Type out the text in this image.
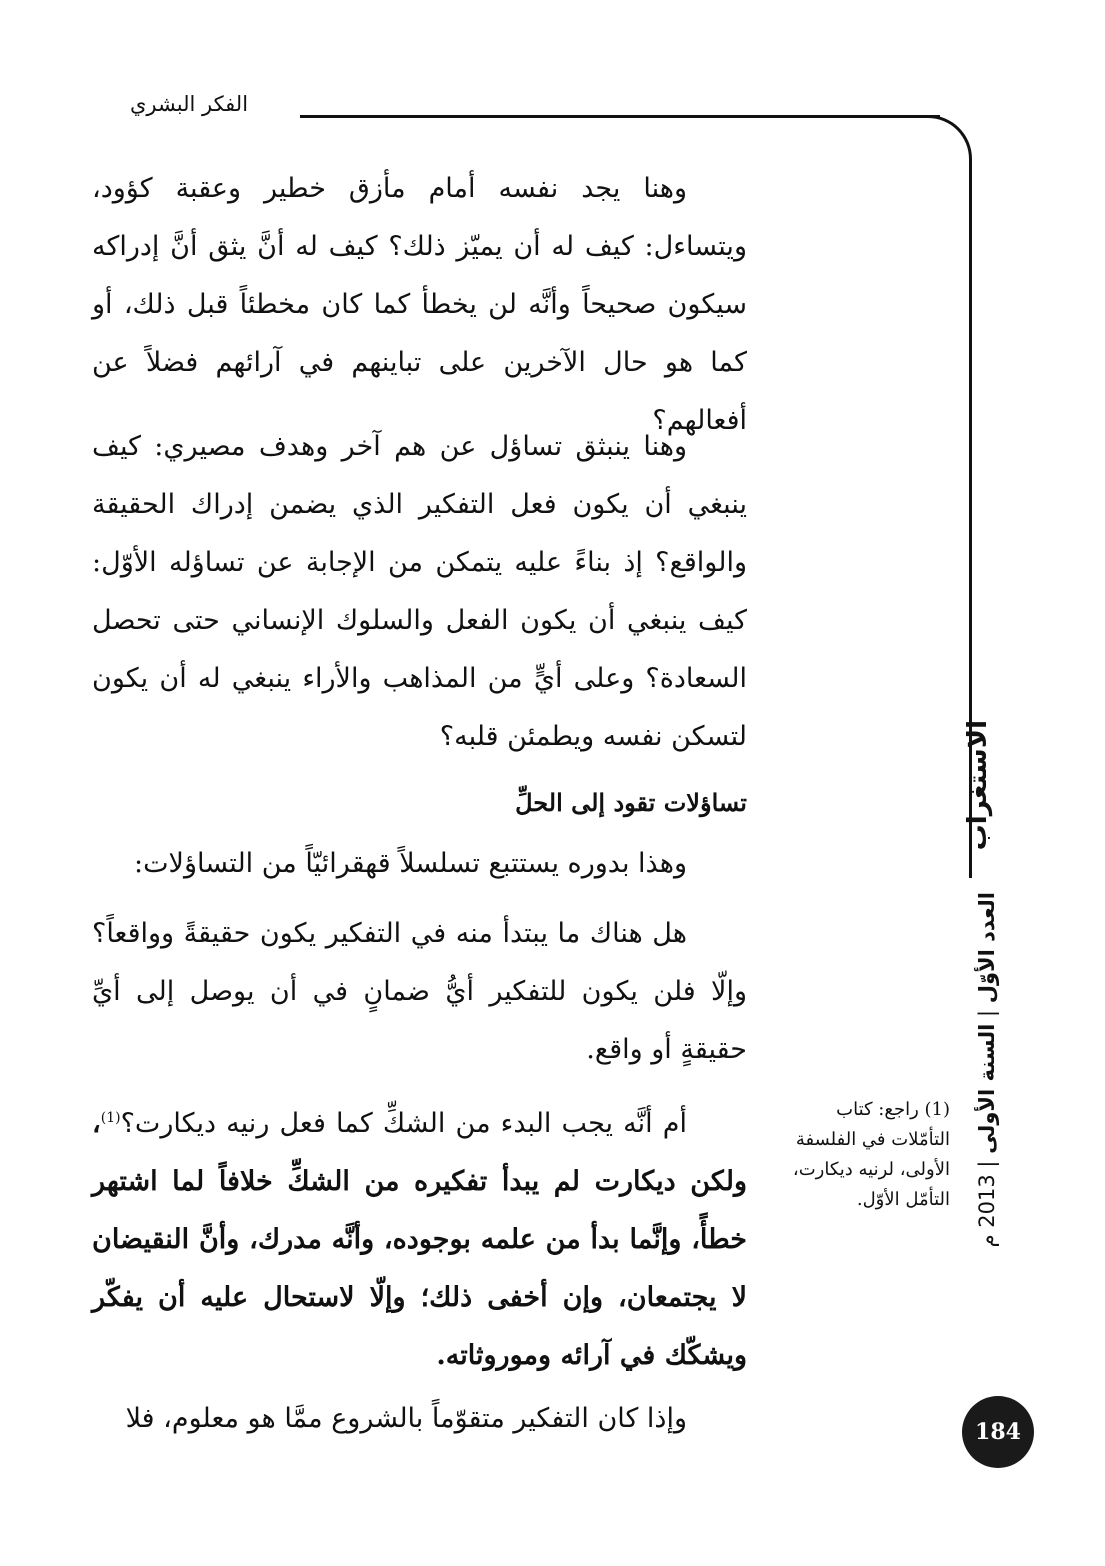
الفكر البشري

وهنا يجد نفسه أمام مأزق خطير وعقبة كؤود، ويتساءل: كيف له أن يميّز ذلك؟ كيف له أنَّ يثق أنَّ إدراكه سيكون صحيحاً وأنَّه لن يخطأ كما كان مخطئاً قبل ذلك، أو كما هو حال الآخرين على تباينهم في آرائهم فضلاً عن أفعالهم؟

وهنا ينبثق تساؤل عن هم آخر وهدف مصيري: كيف ينبغي أن يكون فعل التفكير الذي يضمن إدراك الحقيقة والواقع؟ إذ بناءً عليه يتمكن من الإجابة عن تساؤله الأوّل: كيف ينبغي أن يكون الفعل والسلوك الإنساني حتى تحصل السعادة؟ وعلى أيٍّ من المذاهب والأراء ينبغي له أن يكون لتسكن نفسه ويطمئن قلبه؟

تساؤلات تقود إلى الحلِّ

وهذا بدوره يستتبع تسلسلاً قهقرائيّاً من التساؤلات:

هل هناك ما يبتدأ منه في التفكير يكون حقيقةً وواقعاً؟ وإلّا فلن يكون للتفكير أيُّ ضمانٍ في أن يوصل إلى أيِّ حقيقةٍ أو واقع.

أم أنَّه يجب البدء من الشكِّ كما فعل رنيه ديكارت؟$^{(1)}$، ولكن ديكارت لم يبدأ تفكيره من الشكِّ خلافاً لما اشتهر خطأً، وإنَّما بدأ من علمه بوجوده، وأنَّه مدرك، وأنَّ النقيضان لا يجتمعان، وإن أخفى ذلك؛ وإلّا لاستحال عليه أن يفكّر ويشكّك في آرائه وموروثاته.

وإذا كان التفكير متقوّماً بالشروع ممَّا هو معلوم، فلا

(1) راجع: كتاب التأمّلات في الفلسفة الأولى، لرنيه ديكارت، التأمّل الأوّل.
الاستغراب
العدد الأوّل | السنة الأولى | 2013 م
184
